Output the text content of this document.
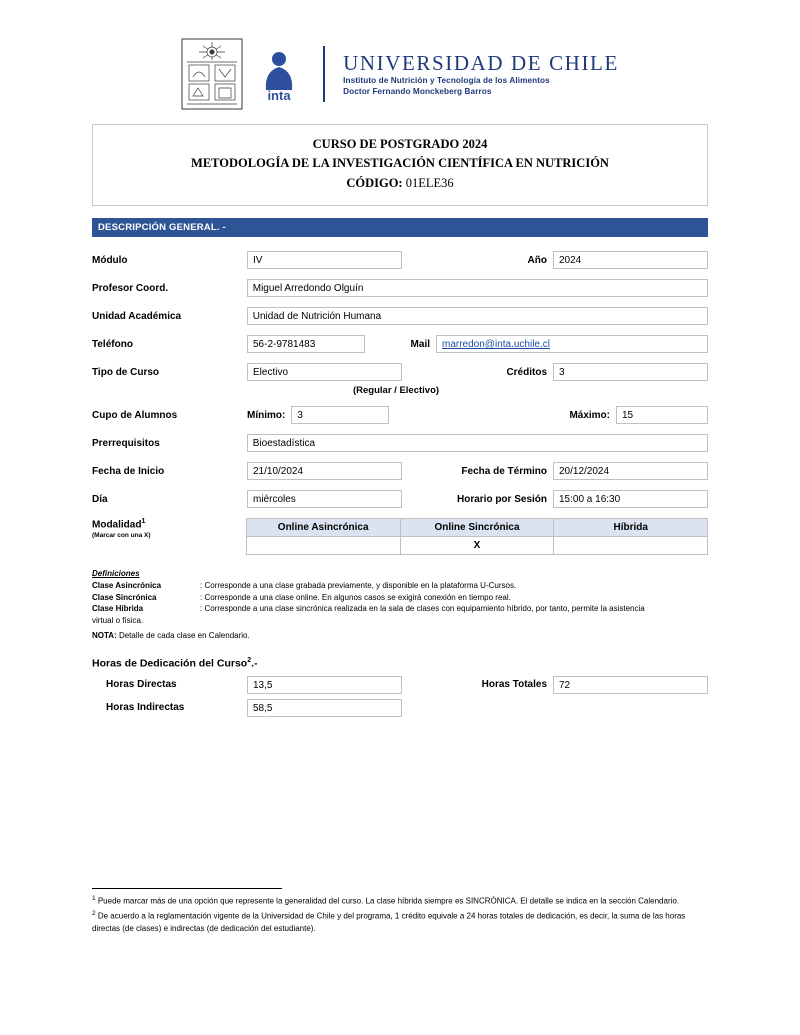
inta
UNIVERSIDAD DE CHILE
Instituto de Nutrición y Tecnología de los Alimentos
Doctor Fernando Monckeberg Barros
CURSO DE POSTGRADO 2024
METODOLOGÍA DE LA INVESTIGACIÓN CIENTÍFICA EN NUTRICIÓN
CÓDIGO: 01ELE36
DESCRIPCIÓN GENERAL. -
Módulo	IV	Año	2024
Profesor Coord.	Miguel Arredondo Olguín
Unidad Académica	Unidad de Nutrición Humana
Teléfono	56-2-9781483	Mail	marredon@inta.uchile.cl
Tipo de Curso	Electivo	Créditos	3
(Regular / Electivo)
Cupo de Alumnos	Mínimo:	3	Máximo:	15
Prerrequisitos	Bioestadística
Fecha de Inicio	21/10/2024	Fecha de Término	20/12/2024
Día	miércoles	Horario por Sesión	15:00 a 16:30
Modalidad$^1$
(Marcar con una X)
Online Asincrónica	Online Sincrónica	Híbrida
	X	
Definiciones
Clase Asincrónica	: Corresponde a una clase grabada previamente, y disponible en la plataforma U-Cursos.
Clase Sincrónica	: Corresponde a una clase online. En algunos casos se exigirá conexión en tiempo real.
Clase Híbrida	: Corresponde a una clase sincrónica realizada en la sala de clases con equipamiento híbrido, por tanto, permite la asistencia
virtual o física.
NOTA: Detalle de cada clase en Calendario.
Horas de Dedicación del Curso$^2$.-
Horas Directas	13,5	Horas Totales	72
Horas Indirectas	58,5

$^1$ Puede marcar más de una opción que represente la generalidad del curso. La clase híbrida siempre es SINCRÓNICA. El detalle se indica en la sección Calendario.

$^2$ De acuerdo a la reglamentación vigente de la Universidad de Chile y del programa, 1 crédito equivale a 24 horas totales de dedicación, es decir, la suma de las horas directas (de clases) e indirectas (de dedicación del estudiante).
